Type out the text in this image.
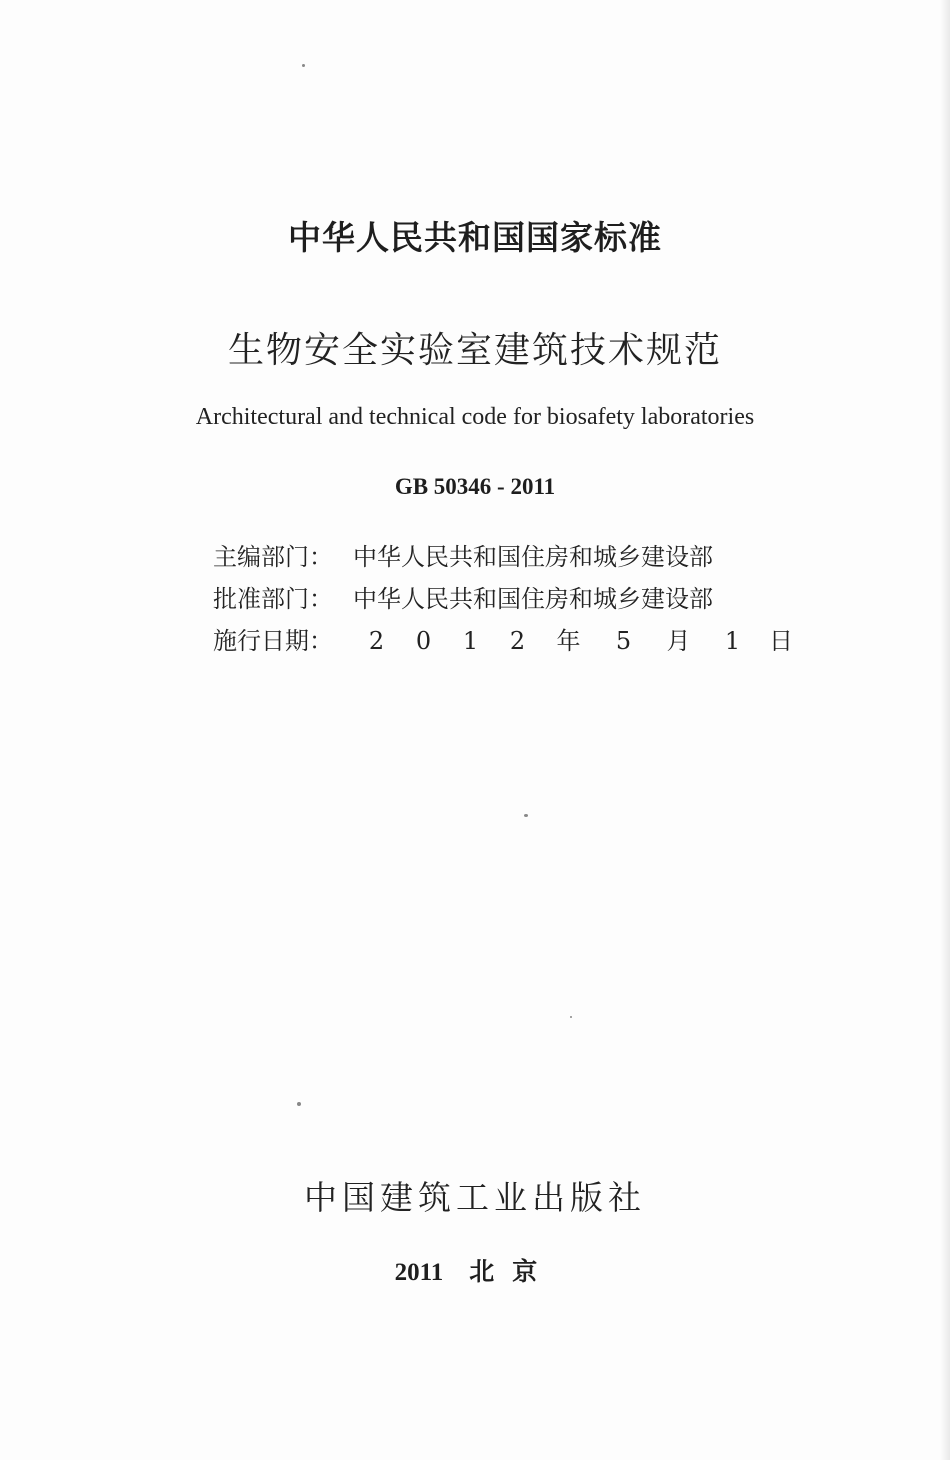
中华人民共和国国家标准
生物安全实验室建筑技术规范
Architectural and technical code for biosafety laboratories
GB 50346 - 2011
主编部门： 中华人民共和国住房和城乡建设部
批准部门： 中华人民共和国住房和城乡建设部
施行日期： 2 0 1 2 年 5 月 1 日
中国建筑工业出版社
2011 北京
